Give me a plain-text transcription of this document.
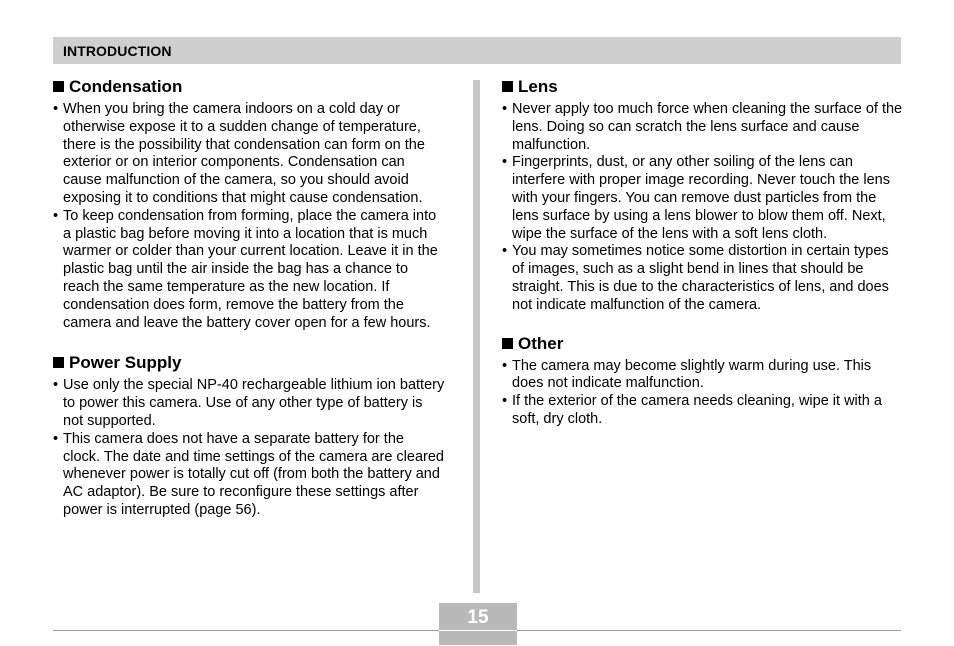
INTRODUCTION
Condensation
• When you bring the camera indoors on a cold day or otherwise expose it to a sudden change of temperature, there is the possibility that condensation can form on the exterior or on interior components. Condensation can cause malfunction of the camera, so you should avoid exposing it to conditions that might cause condensation.
• To keep condensation from forming, place the camera into a plastic bag before moving it into a location that is much warmer or colder than your current location. Leave it in the plastic bag until the air inside the bag has a chance to reach the same temperature as the new location. If condensation does form, remove the battery from the camera and leave the battery cover open for a few hours.
Power Supply
• Use only the special NP-40 rechargeable lithium ion battery to power this camera. Use of any other type of battery is not supported.
• This camera does not have a separate battery for the clock. The date and time settings of the camera are cleared whenever power is totally cut off (from both the battery and AC adaptor). Be sure to reconfigure these settings after power is interrupted (page 56).
Lens
• Never apply too much force when cleaning the surface of the lens. Doing so can scratch the lens surface and cause malfunction.
• Fingerprints, dust, or any other soiling of the lens can interfere with proper image recording. Never touch the lens with your fingers. You can remove dust particles from the lens surface by using a lens blower to blow them off. Next, wipe the surface of the lens with a soft lens cloth.
• You may sometimes notice some distortion in certain types of images, such as a slight bend in lines that should be straight. This is due to the characteristics of lens, and does not indicate malfunction of the camera.
Other
• The camera may become slightly warm during use. This does not indicate malfunction.
• If the exterior of the camera needs cleaning, wipe it with a soft, dry cloth.
15
